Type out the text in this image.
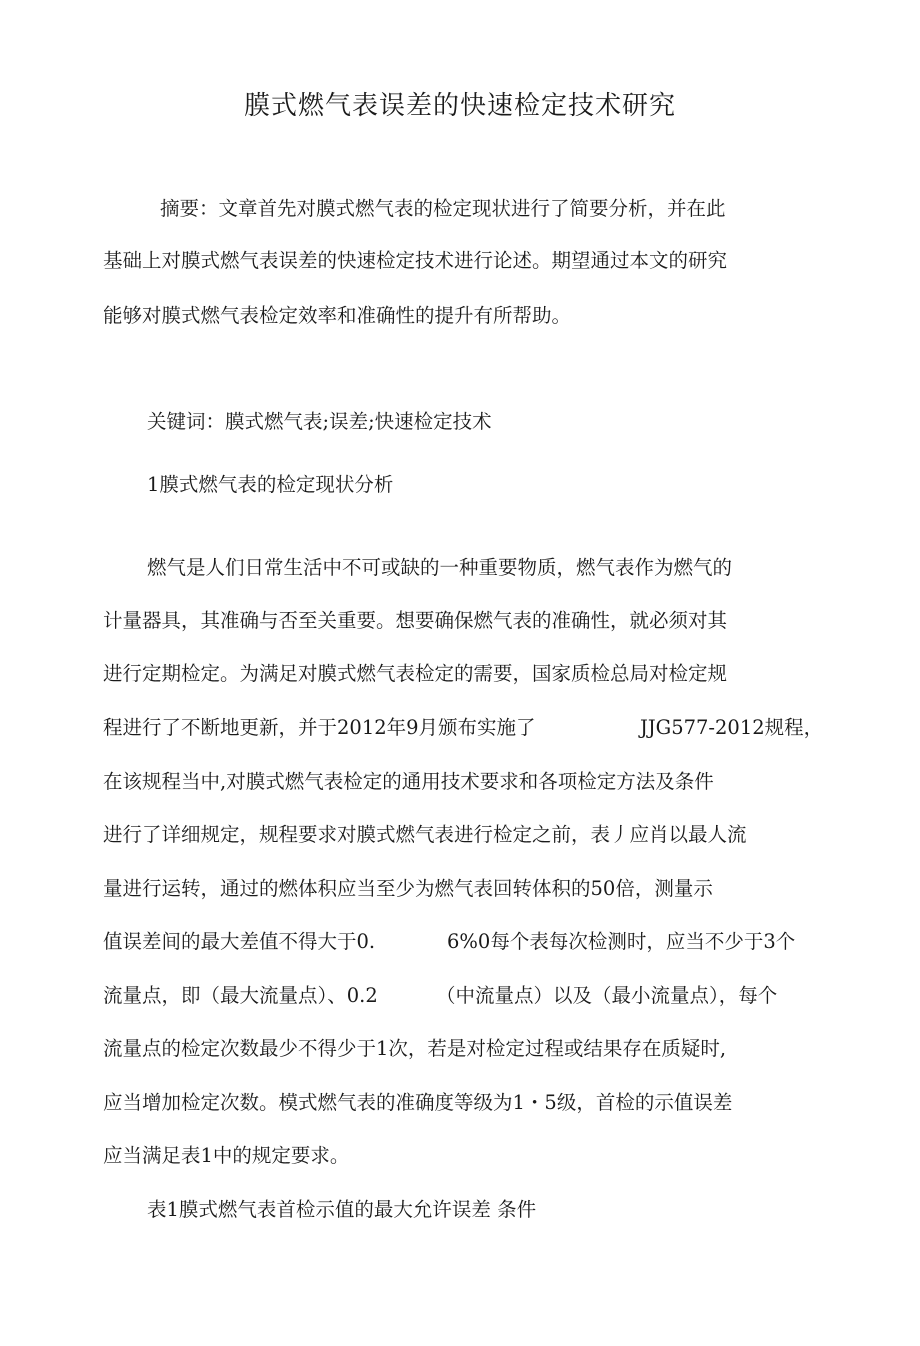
膜式燃气表误差的快速检定技术研究
摘要：文章首先对膜式燃气表的检定现状进行了简要分析，并在此
基础上对膜式燃气表误差的快速检定技术进行论述。期望通过本文的研究
能够对膜式燃气表检定效率和准确性的提升有所帮助。
关键词：膜式燃气表;误差;快速检定技术
1膜式燃气表的检定现状分析
燃气是人们日常生活中不可或缺的一种重要物质，燃气表作为燃气的
计量器具，其准确与否至关重要。想要确保燃气表的准确性，就必须对其
进行定期检定。为满足对膜式燃气表检定的需要，国家质检总局对检定规
程进行了不断地更新，并于2012年9月颁布实施了	JJG577-2012规程，
在该规程当中,对膜式燃气表检定的通用技术要求和各项检定方法及条件
进行了详细规定，规程要求对膜式燃气表进行检定之前，表丿应肖以最人流
量进行运转，通过的燃体积应当至少为燃气表回转体积的50倍，测量示
值误差间的最大差值不得大于0.	6%0每个表每次检测时，应当不少于3个
流量点，即（最大流量点）、0.2	（中流量点）以及（最小流量点），每个
流量点的检定次数最少不得少于1次，若是对检定过程或结果存在质疑时,
应当增加检定次数。模式燃气表的准确度等级为1・5级，首检的示值误差
应当满足表1中的规定要求。
表1膜式燃气表首检示值的最大允许误差 条件
